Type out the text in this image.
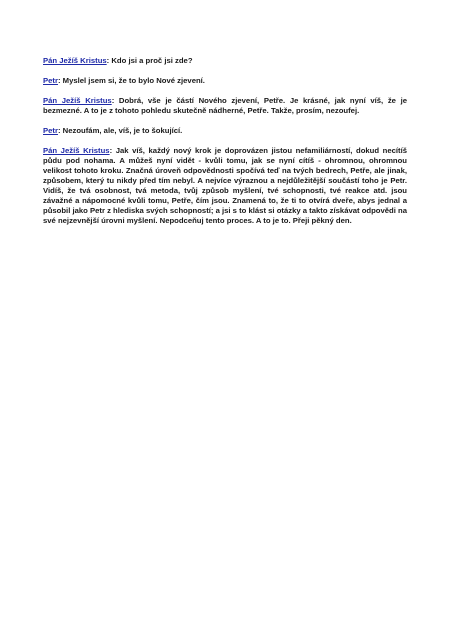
Pán Ježíš Kristus: Kdo jsi a proč jsi zde?

Petr: Myslel jsem si, že to bylo Nové zjevení.

Pán Ježíš Kristus: Dobrá, vše je částí Nového zjevení, Petře. Je krásné, jak nyní víš, že je bezmezné. A to je z tohoto pohledu skutečně nádherné, Petře. Takže, prosím, nezoufej.

Petr: Nezoufám, ale, víš, je to šokující.

Pán Ježíš Kristus: Jak víš, každý nový krok je doprovázen jistou nefamiliárností, dokud necítíš půdu pod nohama. A můžeš nyní vidět - kvůli tomu, jak se nyní cítíš - ohromnou, ohromnou velikost tohoto kroku. Značná úroveň odpovědnosti spočívá teď na tvých bedrech, Petře, ale jinak, způsobem, který tu nikdy před tím nebyl. A nejvíce výraznou a nejdůležitější součástí toho je Petr. Vidíš, že tvá osobnost, tvá metoda, tvůj způsob myšlení, tvé schopnosti, tvé reakce atd. jsou závažné a nápomocné kvůli tomu, Petře, čím jsou. Znamená to, že ti to otvírá dveře, abys jednal a působil jako Petr z hlediska svých schopností; a jsi s to klást si otázky a takto získávat odpovědi na své nejzevnější úrovni myšlení. Nepodceňuj tento proces. A to je to. Přeji pěkný den.
